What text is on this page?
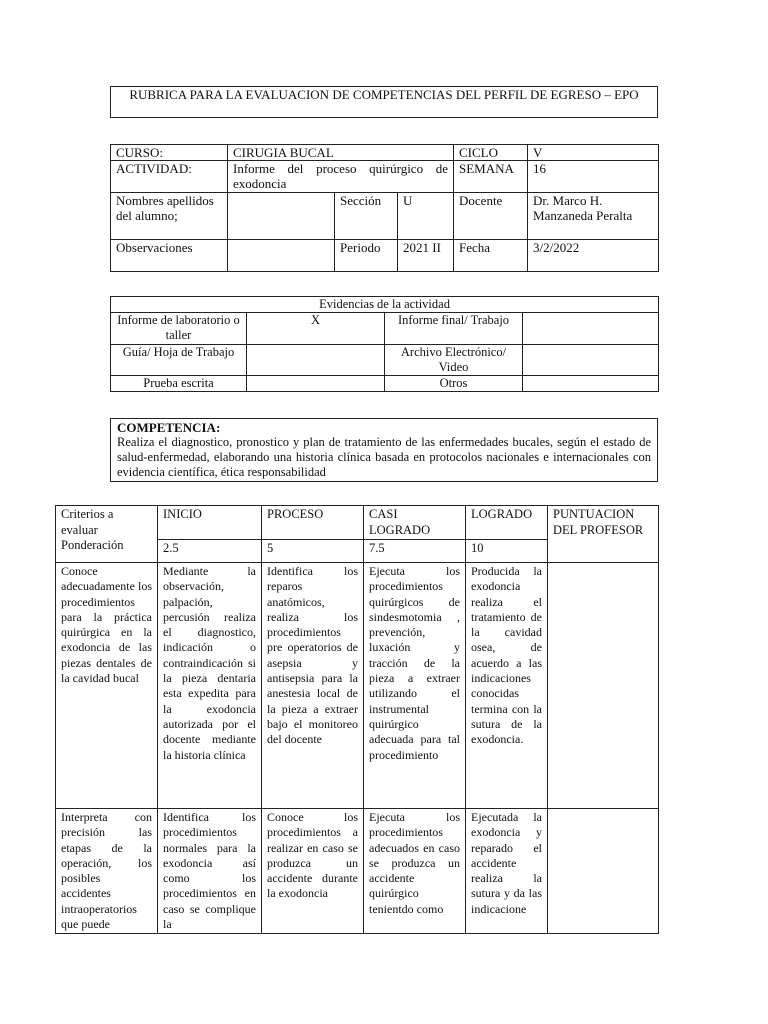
RUBRICA PARA LA EVALUACION DE COMPETENCIAS DEL PERFIL DE EGRESO – EPO
CURSO:	CIRUGIA BUCAL			CICLO	V
ACTIVIDAD:	Informe del proceso quirúrgico de exodoncia			SEMANA	16
Nombres apellidos del alumno;		Sección	U	Docente	Dr. Marco H. Manzaneda Peralta
Observaciones		Periodo	2021 II	Fecha	3/2/2022
Evidencias de la actividad			
Informe de laboratorio o taller	X	Informe final/ Trabajo	
Guía/ Hoja de Trabajo		Archivo Electrónico/ Video	
Prueba escrita		Otros	
COMPETENCIA:
Realiza el diagnostico, pronostico y plan de tratamiento de las enfermedades bucales, según el estado de salud-enfermedad, elaborando una historia clínica basada en protocolos nacionales e internacionales con evidencia científica, ética responsabilidad
Criterios a evaluar Ponderación	INICIO	PROCESO	CASI LOGRADO	LOGRADO	PUNTUACION DEL PROFESOR
	2.5	5	7.5	10	
Conoce adecuadamente los procedimientos para la práctica quirúrgica en la exodoncia de las piezas dentales de la cavidad bucal	Mediante la observación, palpación, percusión realiza el diagnostico, indicación o contraindicación si la pieza dentaria esta expedita para la exodoncia autorizada por el docente mediante la historia clínica	Identifica los reparos anatómicos, realiza los procedimientos pre operatorios de asepsia y antisepsia para la anestesia local de la pieza a extraer bajo el monitoreo del docente	Ejecuta los procedimientos quirúrgicos de sindesmotomia , prevención, luxación y tracción de la pieza a extraer utilizando el instrumental quirúrgico adecuada para tal procedimiento	Producida la exodoncia realiza el tratamiento de la cavidad osea, de acuerdo a las indicaciones conocidas termina con la sutura de la exodoncia.	
Interpreta con precisión las etapas de la operación, los posibles accidentes intraoperatorios que puede	Identifica los procedimientos normales para la exodoncia así como los procedimientos en caso se complique la	Conoce los procedimientos a realizar en caso se produzca un accidente durante la exodoncia	Ejecuta los procedimientos adecuados en caso se produzca un accidente quirúrgico tenientdo como	Ejecutada la exodoncia y reparado el accidente realiza la sutura y da las indicacione	
